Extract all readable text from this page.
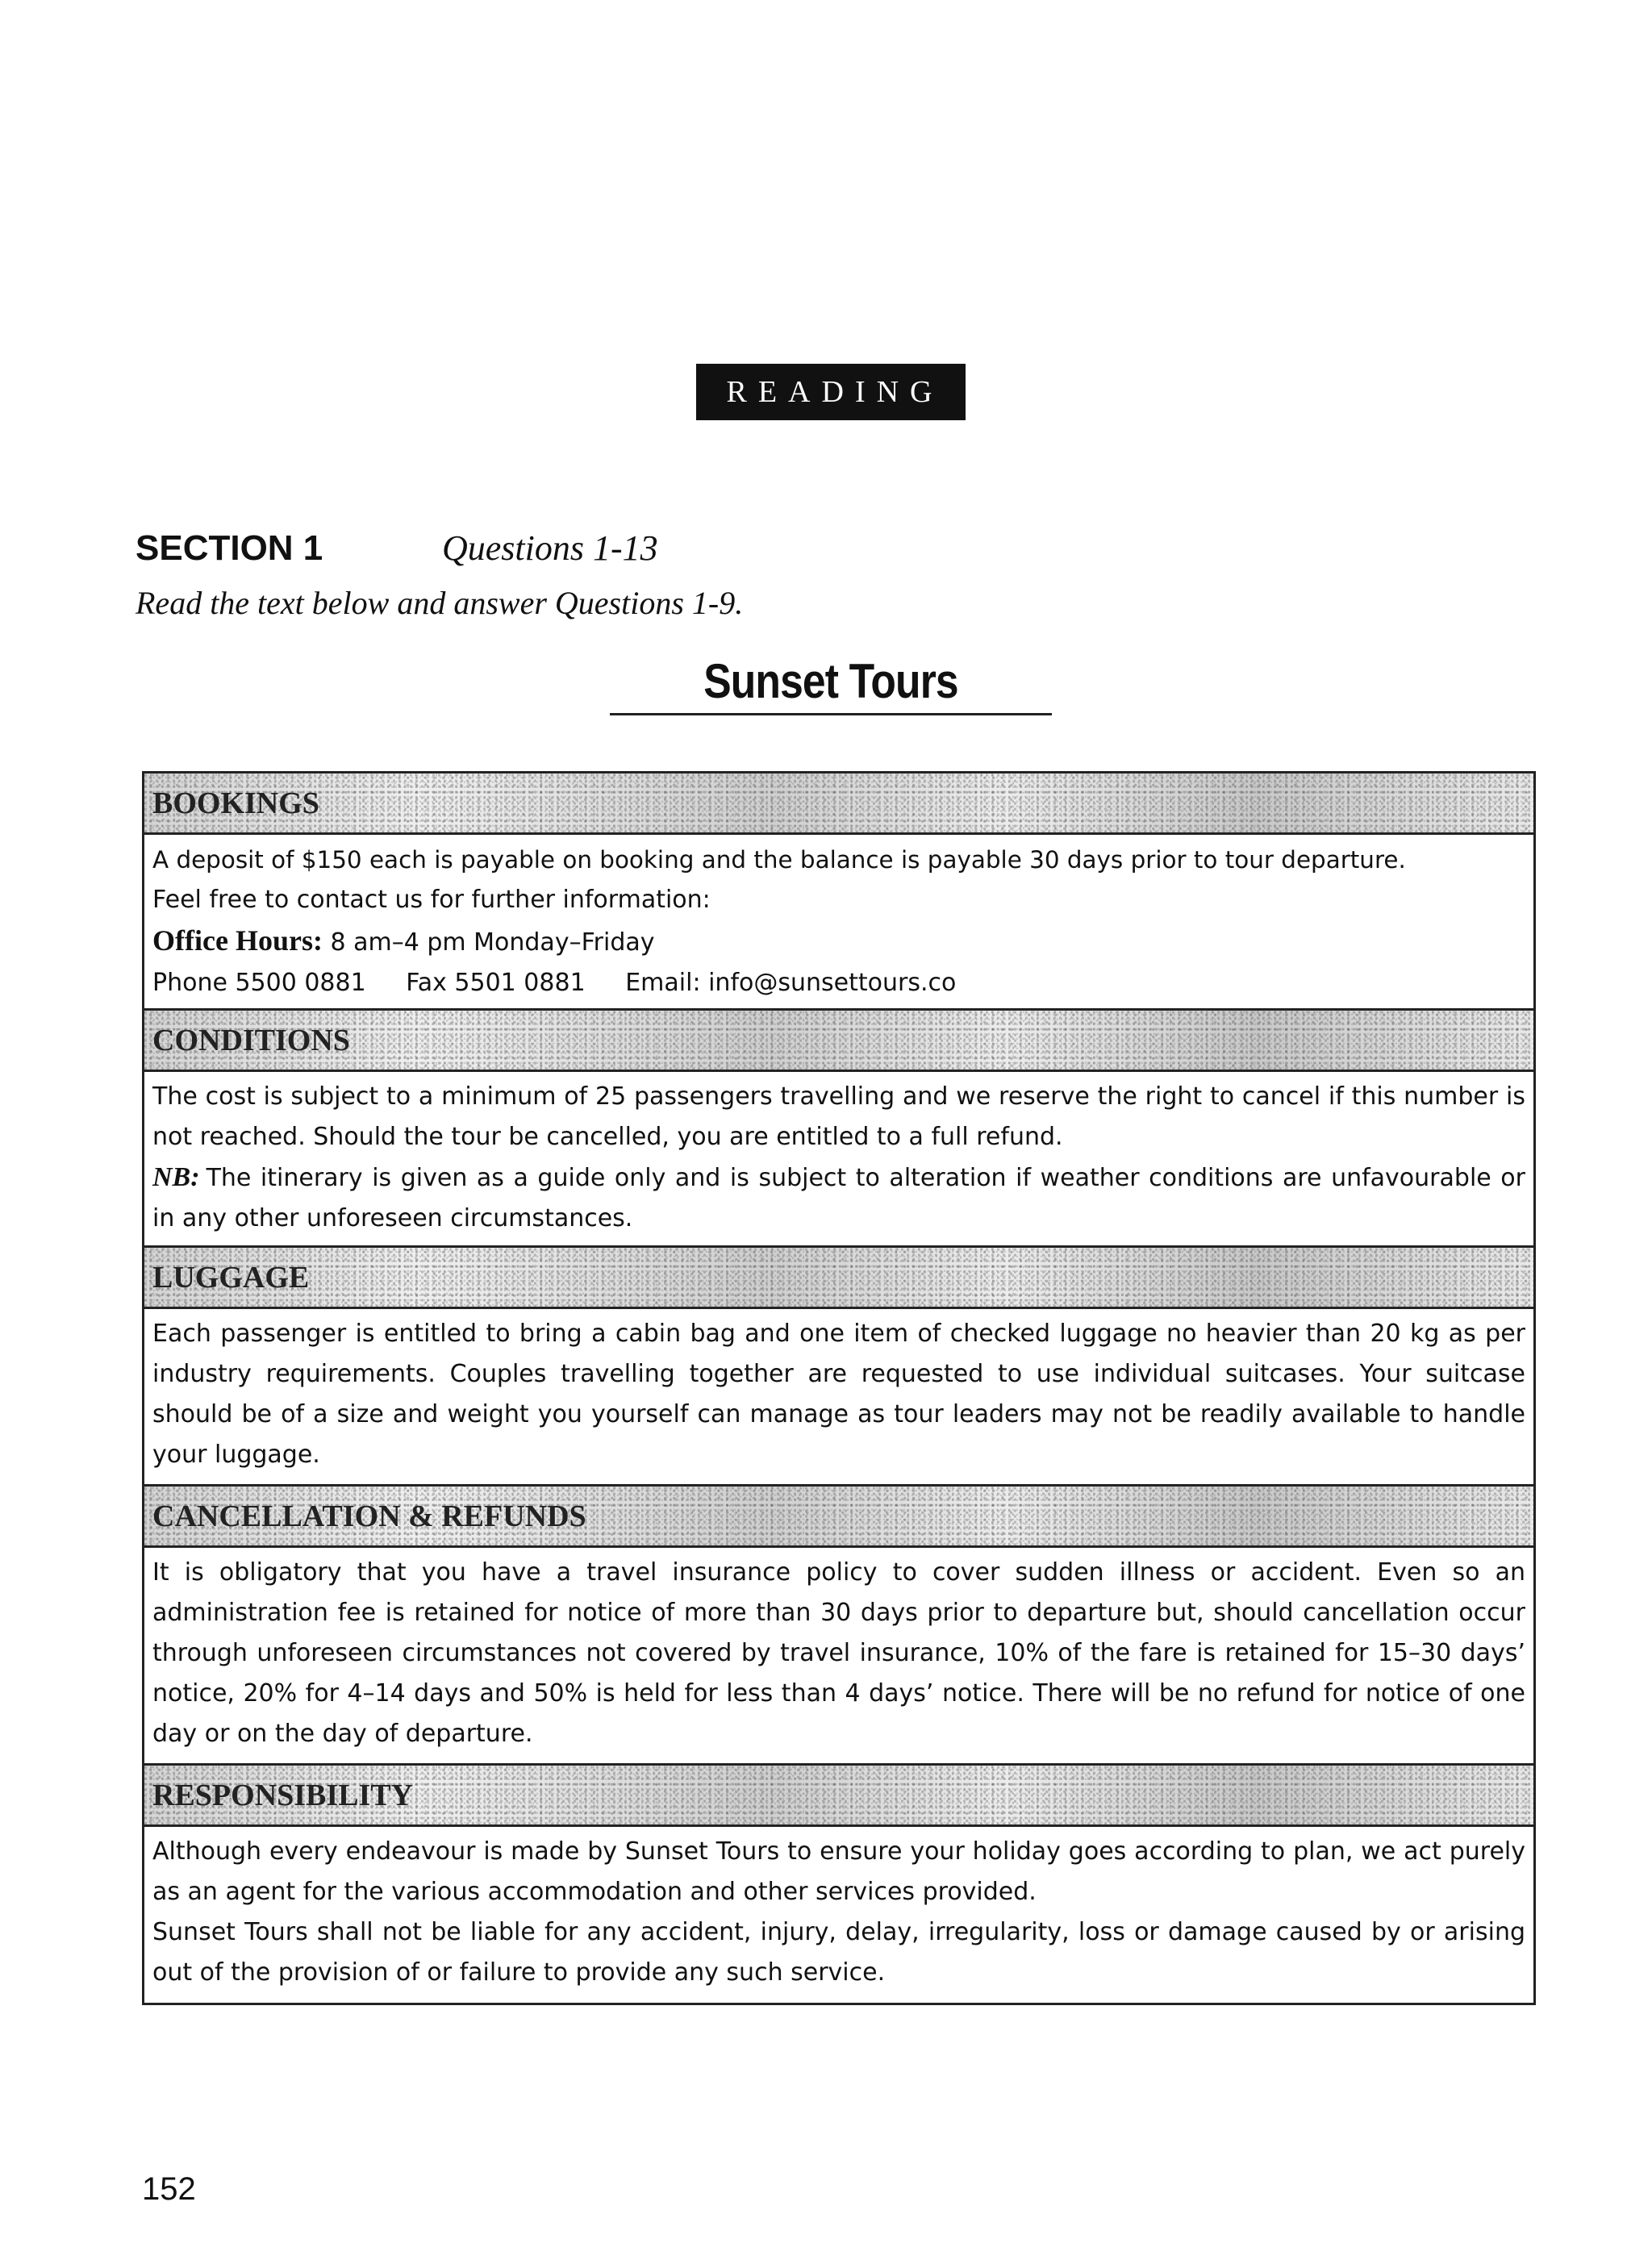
READING
SECTION 1	Questions 1-13
Read the text below and answer Questions 1-9.
Sunset Tours
BOOKINGS

A deposit of $150 each is payable on booking and the balance is payable 30 days prior to tour departure.

Feel free to contact us for further information:

Office Hours: 8 am–4 pm Monday–Friday

Phone 5500 0881 Fax 5501 0881 Email: info@sunsettours.co

CONDITIONS

The cost is subject to a minimum of 25 passengers travelling and we reserve the right to cancel if this number is not reached. Should the tour be cancelled, you are entitled to a full refund.

NB: The itinerary is given as a guide only and is subject to alteration if weather conditions are unfavourable or in any other unforeseen circumstances.

LUGGAGE

Each passenger is entitled to bring a cabin bag and one item of checked luggage no heavier than 20 kg as per industry requirements. Couples travelling together are requested to use individual suitcases. Your suitcase should be of a size and weight you yourself can manage as tour leaders may not be readily available to handle your luggage.

CANCELLATION & REFUNDS

It is obligatory that you have a travel insurance policy to cover sudden illness or accident. Even so an administration fee is retained for notice of more than 30 days prior to departure but, should cancellation occur through unforeseen circumstances not covered by travel insurance, 10% of the fare is retained for 15–30 days’ notice, 20% for 4–14 days and 50% is held for less than 4 days’ notice. There will be no refund for notice of one day or on the day of departure.

RESPONSIBILITY

Although every endeavour is made by Sunset Tours to ensure your holiday goes according to plan, we act purely as an agent for the various accommodation and other services provided.

Sunset Tours shall not be liable for any accident, injury, delay, irregularity, loss or damage caused by or arising out of the provision of or failure to provide any such service.

152
